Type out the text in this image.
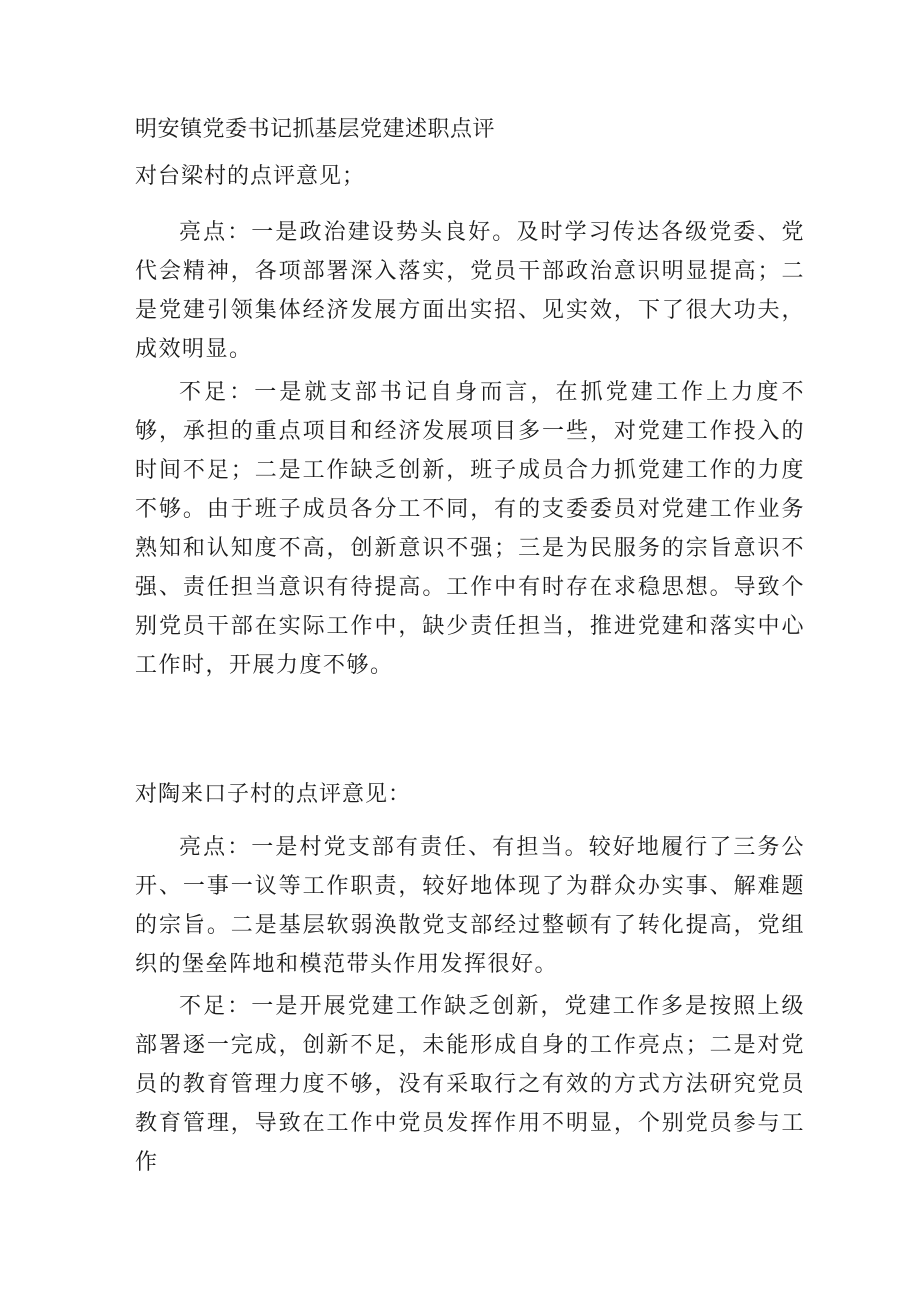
明安镇党委书记抓基层党建述职点评
对台梁村的点评意见；

亮点：一是政治建设势头良好。及时学习传达各级党委、党代会精神，各项部署深入落实，党员干部政治意识明显提高；二是党建引领集体经济发展方面出实招、见实效，下了很大功夫，成效明显。

不足：一是就支部书记自身而言，在抓党建工作上力度不够，承担的重点项目和经济发展项目多一些，对党建工作投入的时间不足；二是工作缺乏创新，班子成员合力抓党建工作的力度不够。由于班子成员各分工不同，有的支委委员对党建工作业务熟知和认知度不高，创新意识不强；三是为民服务的宗旨意识不强、责任担当意识有待提高。工作中有时存在求稳思想。导致个别党员干部在实际工作中，缺少责任担当，推进党建和落实中心工作时，开展力度不够。

对陶来口子村的点评意见：

亮点：一是村党支部有责任、有担当。较好地履行了三务公开、一事一议等工作职责，较好地体现了为群众办实事、解难题的宗旨。二是基层软弱涣散党支部经过整顿有了转化提高，党组织的堡垒阵地和模范带头作用发挥很好。

不足：一是开展党建工作缺乏创新，党建工作多是按照上级部署逐一完成，创新不足，未能形成自身的工作亮点；二是对党员的教育管理力度不够，没有采取行之有效的方式方法研究党员教育管理，导致在工作中党员发挥作用不明显，个别党员参与工作
